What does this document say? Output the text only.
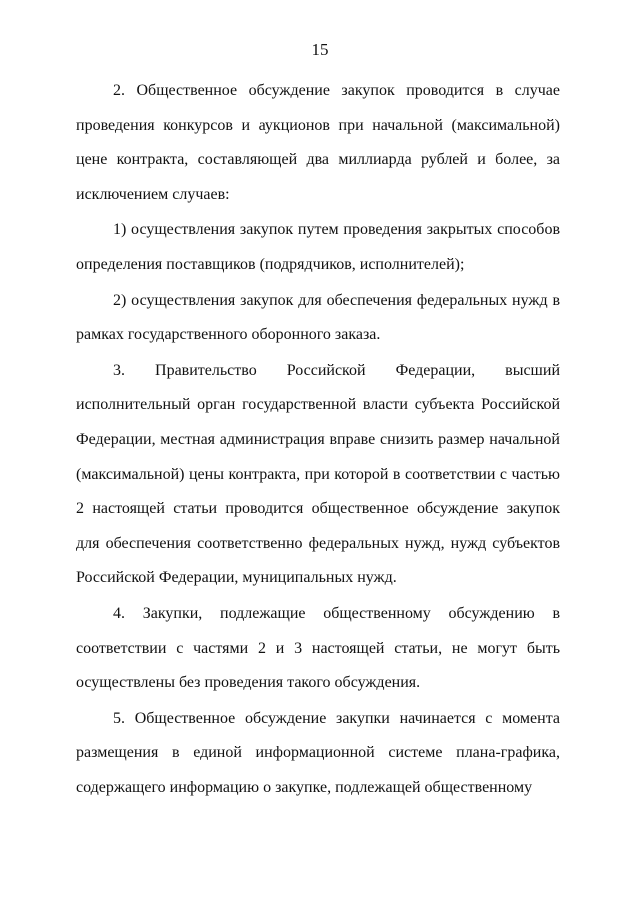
15

2. Общественное обсуждение закупок проводится в случае проведения конкурсов и аукционов при начальной (максимальной) цене контракта, составляющей два миллиарда рублей и более, за исключением случаев:

1) осуществления закупок путем проведения закрытых способов определения поставщиков (подрядчиков, исполнителей);

2) осуществления закупок для обеспечения федеральных нужд в рамках государственного оборонного заказа.

3. Правительство Российской Федерации, высший исполнительный орган государственной власти субъекта Российской Федерации, местная администрация вправе снизить размер начальной (максимальной) цены контракта, при которой в соответствии с частью 2 настоящей статьи проводится общественное обсуждение закупок для обеспечения соответственно федеральных нужд, нужд субъектов Российской Федерации, муниципальных нужд.

4. Закупки, подлежащие общественному обсуждению в соответствии с частями 2 и 3 настоящей статьи, не могут быть осуществлены без проведения такого обсуждения.

5. Общественное обсуждение закупки начинается с момента размещения в единой информационной системе плана-графика, содержащего информацию о закупке, подлежащей общественному
